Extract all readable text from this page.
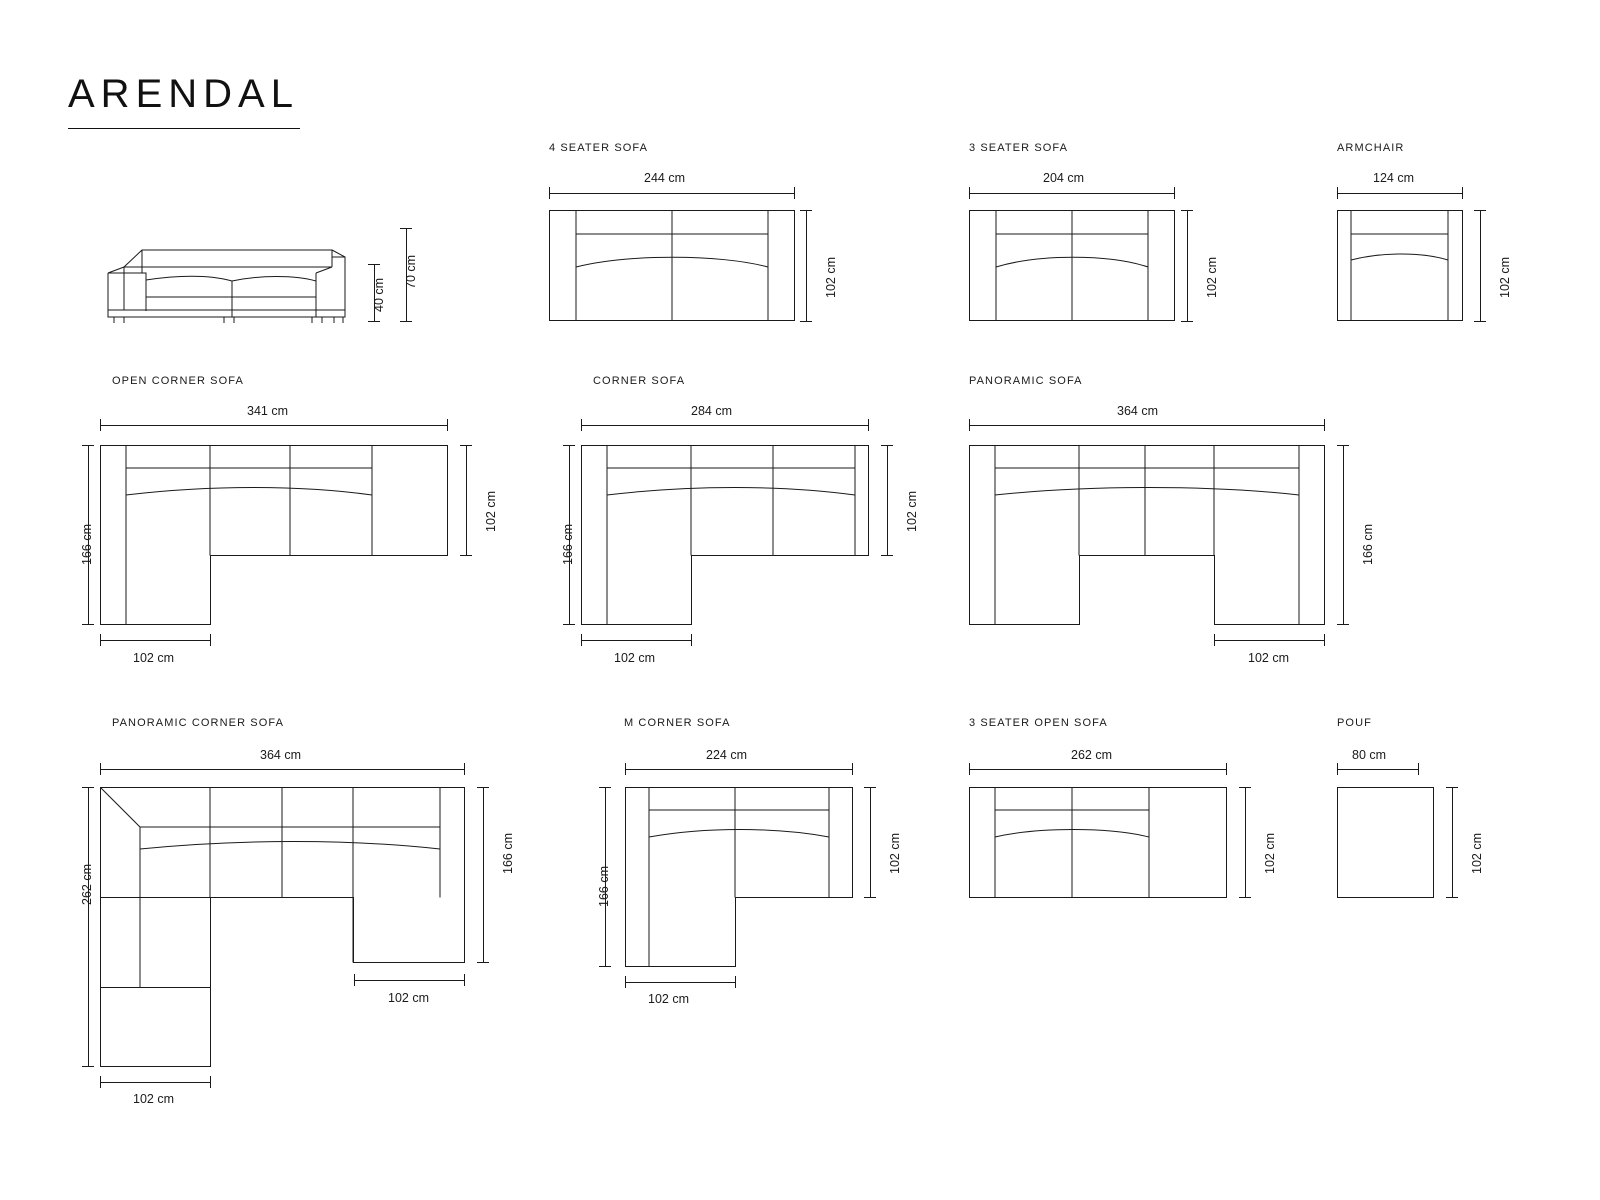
ARENDAL
70 cm
40 cm
4 SEATER SOFA
244 cm
102 cm
3 SEATER SOFA
204 cm
102 cm
ARMCHAIR
124 cm
102 cm
OPEN CORNER SOFA
341 cm
166 cm
102 cm
102 cm
CORNER SOFA
284 cm
166 cm
102 cm
102 cm
PANORAMIC SOFA
364 cm
166 cm
102 cm
PANORAMIC CORNER SOFA
364 cm
262 cm
166 cm
102 cm
102 cm
M CORNER SOFA
224 cm
166 cm
102 cm
102 cm
3 SEATER OPEN SOFA
262 cm
102 cm
POUF
80 cm
102 cm
